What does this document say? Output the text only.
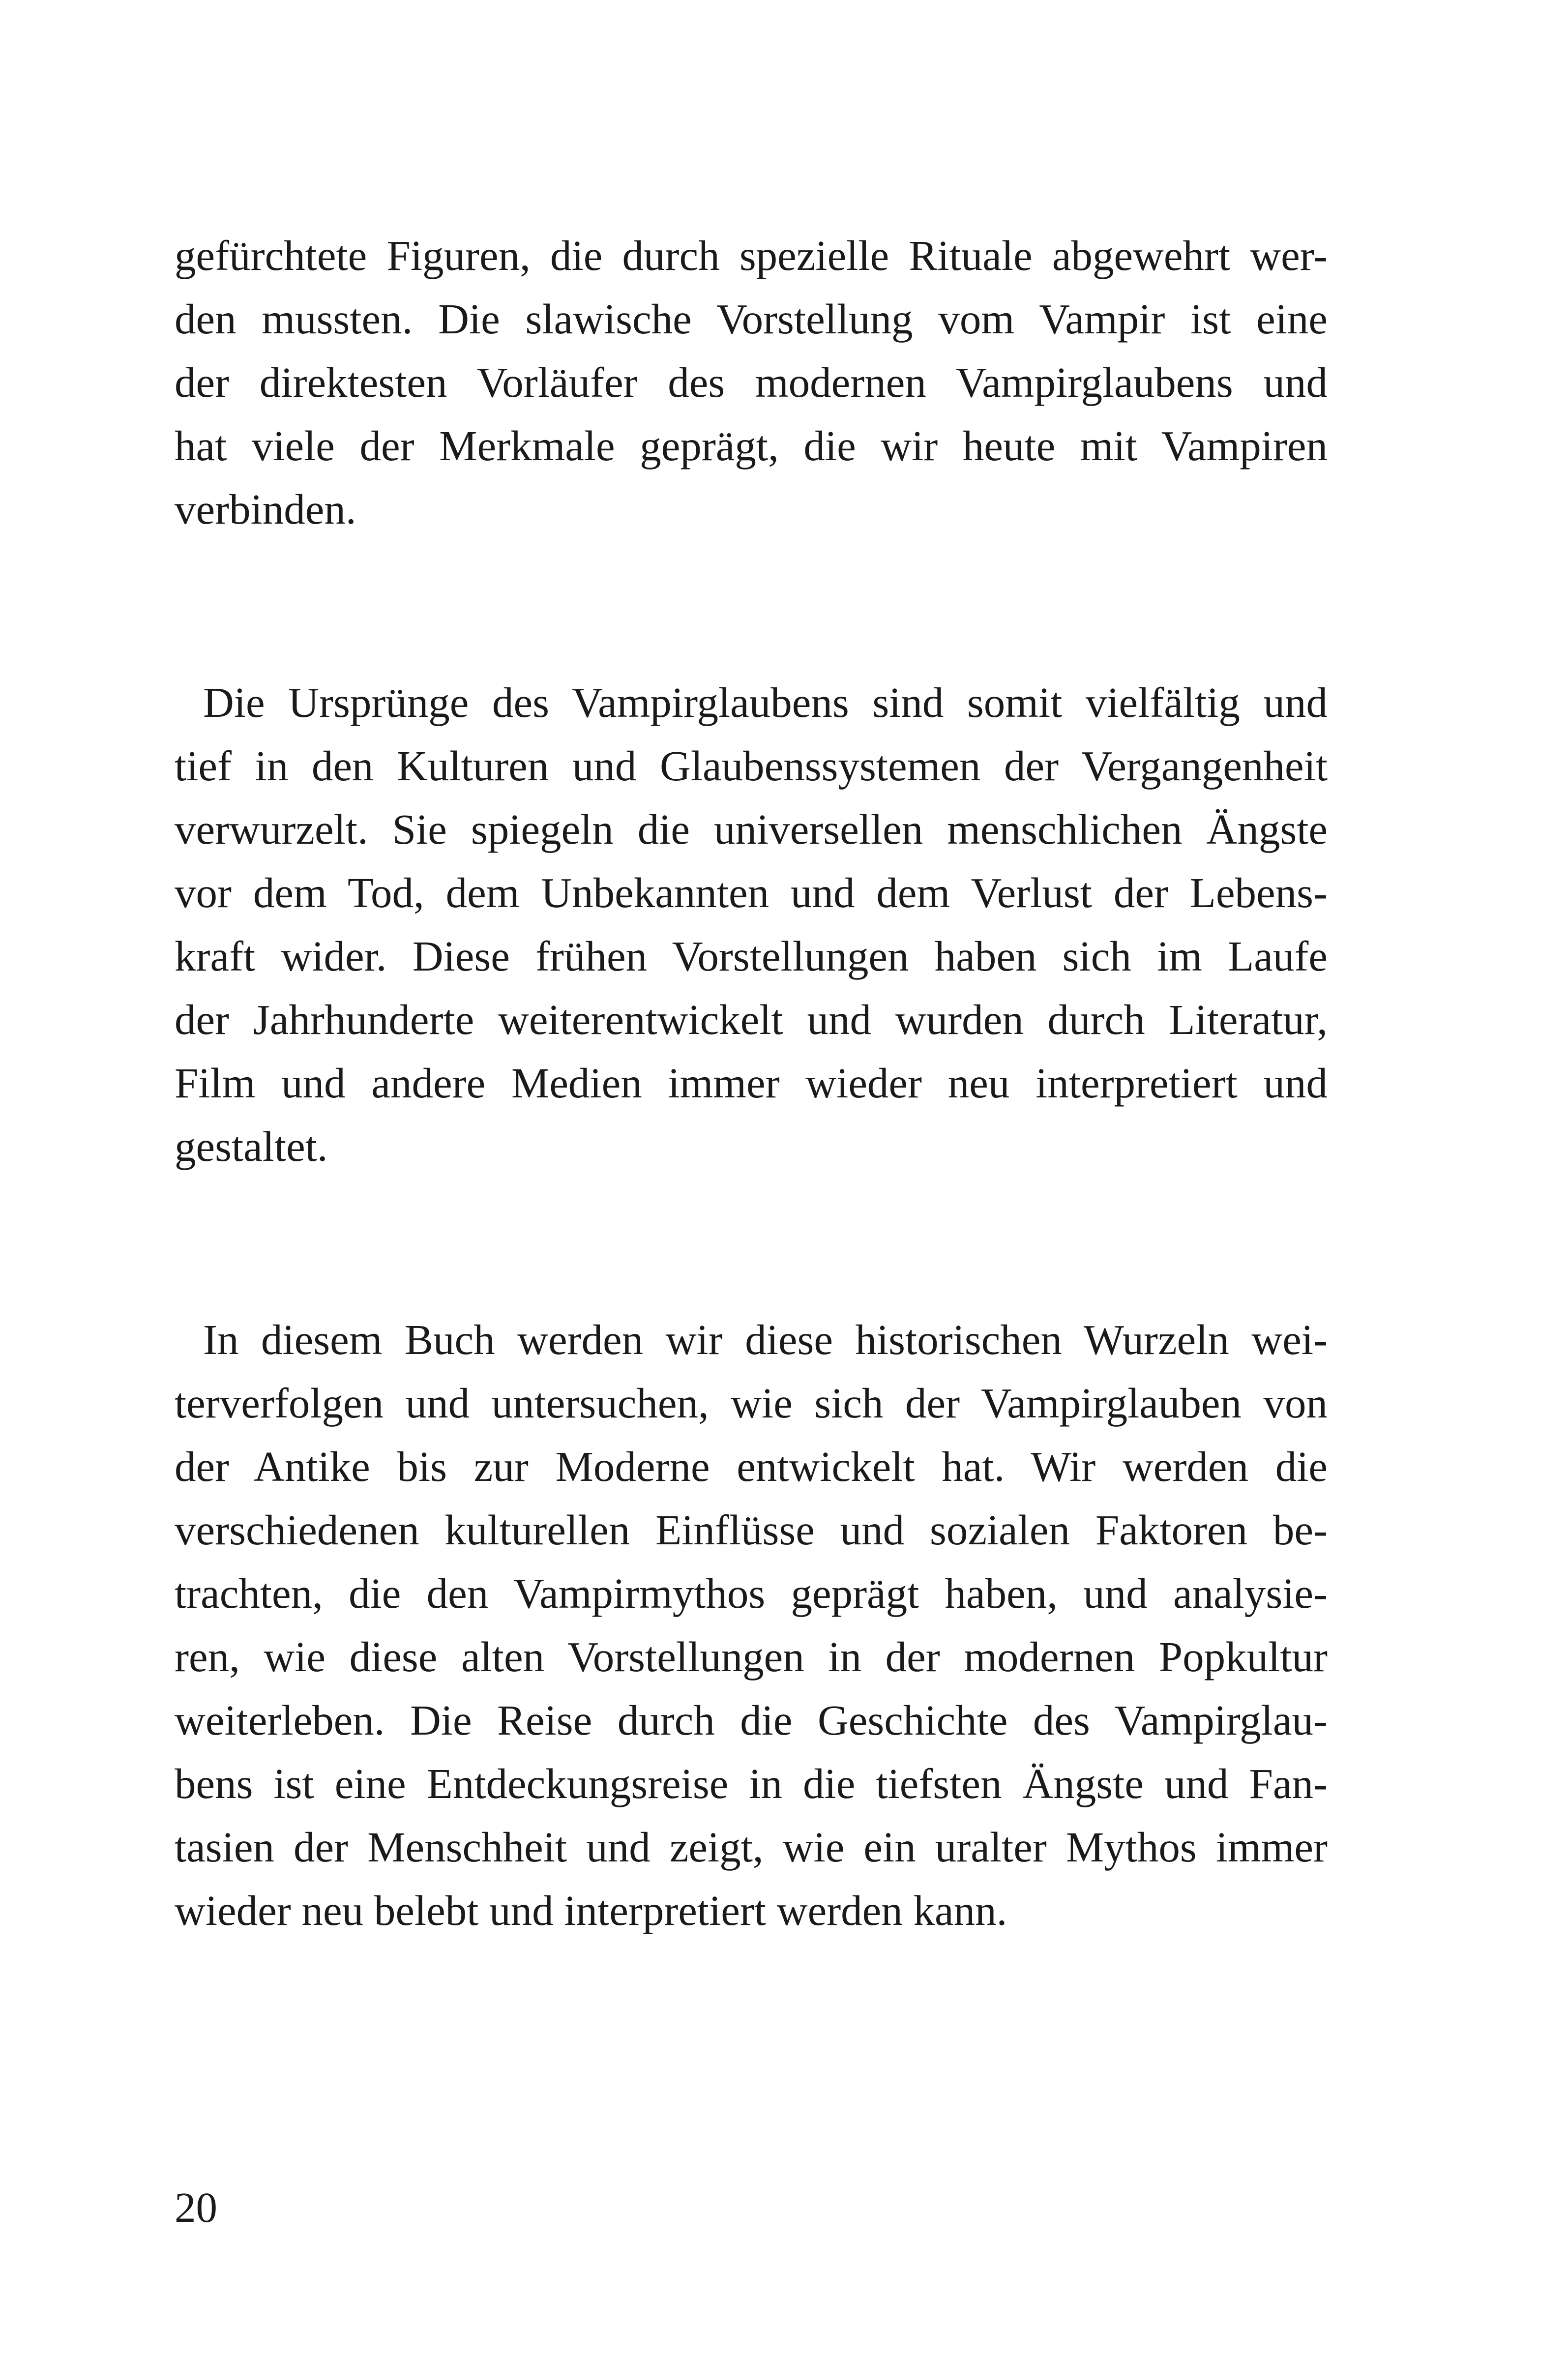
gefürchtete Figuren, die durch spezielle Rituale abgewehrt wer-
den mussten. Die slawische Vorstellung vom Vampir ist eine
der direktesten Vorläufer des modernen Vampirglaubens und
hat viele der Merkmale geprägt, die wir heute mit Vampiren
verbinden.
Die Ursprünge des Vampirglaubens sind somit vielfältig und
tief in den Kulturen und Glaubenssystemen der Vergangenheit
verwurzelt. Sie spiegeln die universellen menschlichen Ängste
vor dem Tod, dem Unbekannten und dem Verlust der Lebens-
kraft wider. Diese frühen Vorstellungen haben sich im Laufe
der Jahrhunderte weiterentwickelt und wurden durch Literatur,
Film und andere Medien immer wieder neu interpretiert und
gestaltet.
In diesem Buch werden wir diese historischen Wurzeln wei-
terverfolgen und untersuchen, wie sich der Vampirglauben von
der Antike bis zur Moderne entwickelt hat. Wir werden die
verschiedenen kulturellen Einflüsse und sozialen Faktoren be-
trachten, die den Vampirmythos geprägt haben, und analysie-
ren, wie diese alten Vorstellungen in der modernen Popkultur
weiterleben. Die Reise durch die Geschichte des Vampirglau-
bens ist eine Entdeckungsreise in die tiefsten Ängste und Fan-
tasien der Menschheit und zeigt, wie ein uralter Mythos immer
wieder neu belebt und interpretiert werden kann.
20
